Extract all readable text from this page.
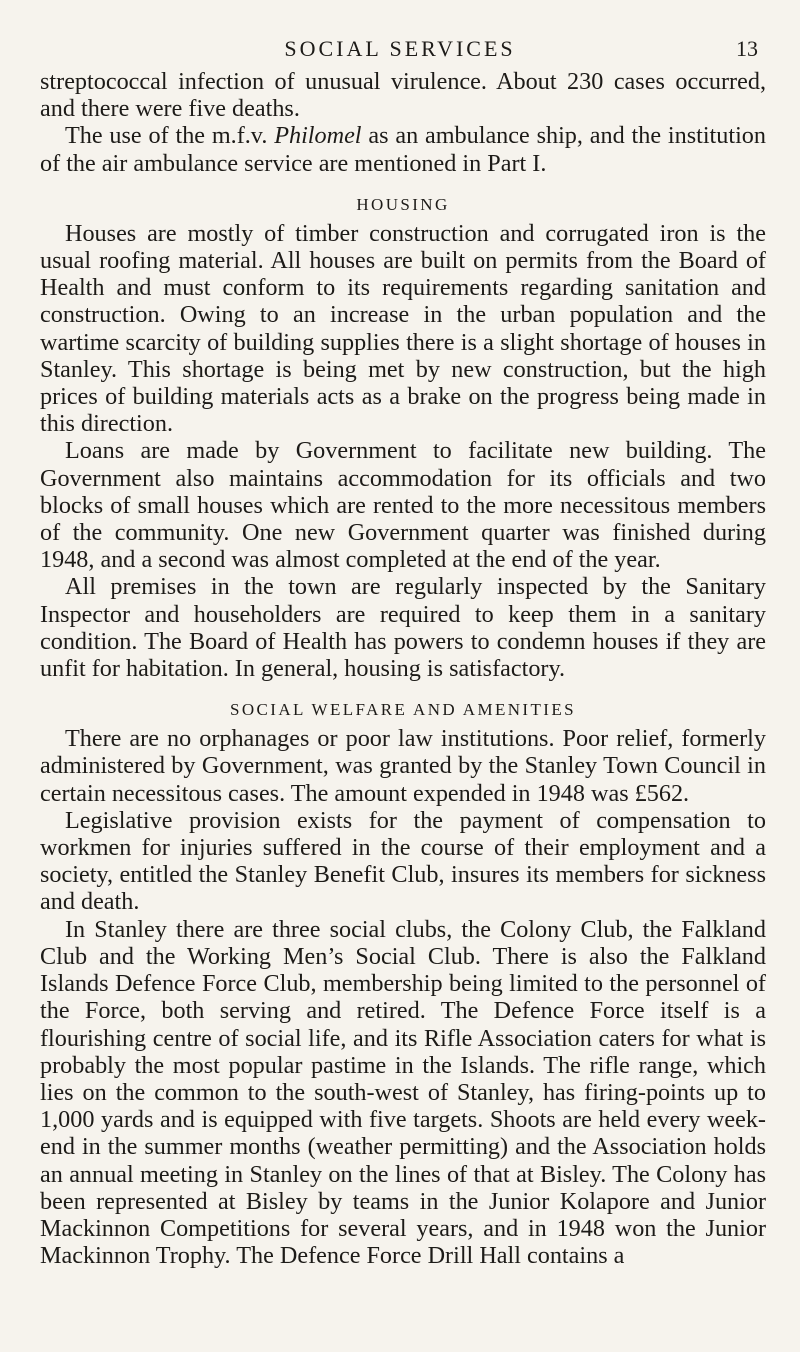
SOCIAL SERVICES	13

streptococcal infection of unusual virulence. About 230 cases occurred, and there were five deaths.

The use of the m.f.v. Philomel as an ambulance ship, and the institution of the air ambulance service are mentioned in Part I.

HOUSING

Houses are mostly of timber construction and corrugated iron is the usual roofing material. All houses are built on permits from the Board of Health and must conform to its requirements regarding sanitation and construction. Owing to an increase in the urban population and the wartime scarcity of building supplies there is a slight shortage of houses in Stanley. This shortage is being met by new construction, but the high prices of building materials acts as a brake on the progress being made in this direction.

Loans are made by Government to facilitate new building. The Government also maintains accommodation for its officials and two blocks of small houses which are rented to the more necessitous members of the community. One new Government quarter was finished during 1948, and a second was almost completed at the end of the year.

All premises in the town are regularly inspected by the Sanitary Inspector and householders are required to keep them in a sanitary condition. The Board of Health has powers to condemn houses if they are unfit for habitation. In general, housing is satisfactory.

SOCIAL WELFARE AND AMENITIES

There are no orphanages or poor law institutions. Poor relief, formerly administered by Government, was granted by the Stanley Town Council in certain necessitous cases. The amount expended in 1948 was £562.

Legislative provision exists for the payment of compensation to workmen for injuries suffered in the course of their employment and a society, entitled the Stanley Benefit Club, insures its members for sickness and death.

In Stanley there are three social clubs, the Colony Club, the Falkland Club and the Working Men’s Social Club. There is also the Falkland Islands Defence Force Club, membership being limited to the personnel of the Force, both serving and retired. The Defence Force itself is a flourishing centre of social life, and its Rifle Association caters for what is probably the most popular pastime in the Islands. The rifle range, which lies on the common to the south-west of Stanley, has firing-points up to 1,000 yards and is equipped with five targets. Shoots are held every week-end in the summer months (weather permitting) and the Association holds an annual meeting in Stanley on the lines of that at Bisley. The Colony has been represented at Bisley by teams in the Junior Kolapore and Junior Mackinnon Competitions for several years, and in 1948 won the Junior Mackinnon Trophy. The Defence Force Drill Hall contains a
